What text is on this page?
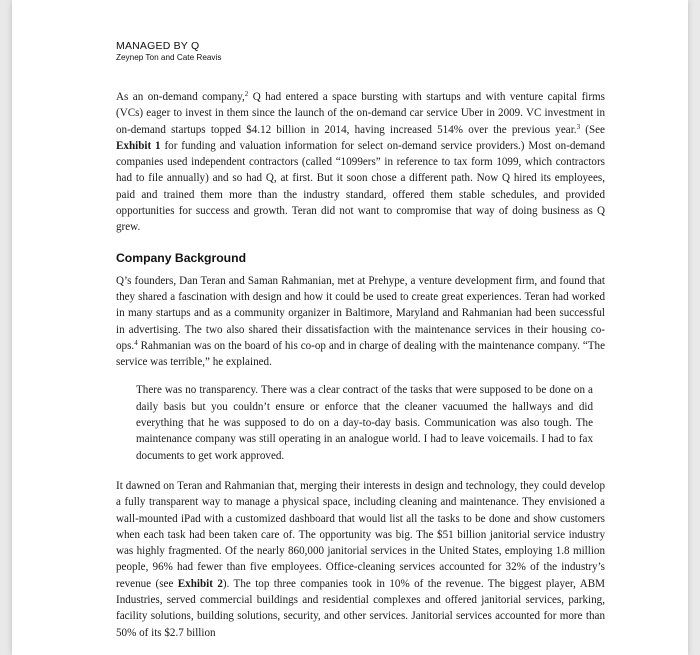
MANAGED BY Q
Zeynep Ton and Cate Reavis

As an on-demand company,$^2$ Q had entered a space bursting with startups and with venture capital firms (VCs) eager to invest in them since the launch of the on-demand car service Uber in 2009. VC investment in on-demand startups topped $4.12 billion in 2014, having increased 514% over the previous year.$^3$ (See Exhibit 1 for funding and valuation information for select on-demand service providers.) Most on-demand companies used independent contractors (called “1099ers” in reference to tax form 1099, which contractors had to file annually) and so had Q, at first. But it soon chose a different path. Now Q hired its employees, paid and trained them more than the industry standard, offered them stable schedules, and provided opportunities for success and growth. Teran did not want to compromise that way of doing business as Q grew.

Company Background

Q’s founders, Dan Teran and Saman Rahmanian, met at Prehype, a venture development firm, and found that they shared a fascination with design and how it could be used to create great experiences. Teran had worked in many startups and as a community organizer in Baltimore, Maryland and Rahmanian had been successful in advertising. The two also shared their dissatisfaction with the maintenance services in their housing co-ops.$^4$ Rahmanian was on the board of his co-op and in charge of dealing with the maintenance company. “The service was terrible,” he explained.

There was no transparency. There was a clear contract of the tasks that were supposed to be done on a daily basis but you couldn’t ensure or enforce that the cleaner vacuumed the hallways and did everything that he was supposed to do on a day-to-day basis. Communication was also tough. The maintenance company was still operating in an analogue world. I had to leave voicemails. I had to fax documents to get work approved.

It dawned on Teran and Rahmanian that, merging their interests in design and technology, they could develop a fully transparent way to manage a physical space, including cleaning and maintenance. They envisioned a wall-mounted iPad with a customized dashboard that would list all the tasks to be done and show customers when each task had been taken care of. The opportunity was big. The $51 billion janitorial service industry was highly fragmented. Of the nearly 860,000 janitorial services in the United States, employing 1.8 million people, 96% had fewer than five employees. Office-cleaning services accounted for 32% of the industry’s revenue (see Exhibit 2). The top three companies took in 10% of the revenue. The biggest player, ABM Industries, served commercial buildings and residential complexes and offered janitorial services, parking, facility solutions, building solutions, security, and other services. Janitorial services accounted for more than 50% of its $2.7 billion
